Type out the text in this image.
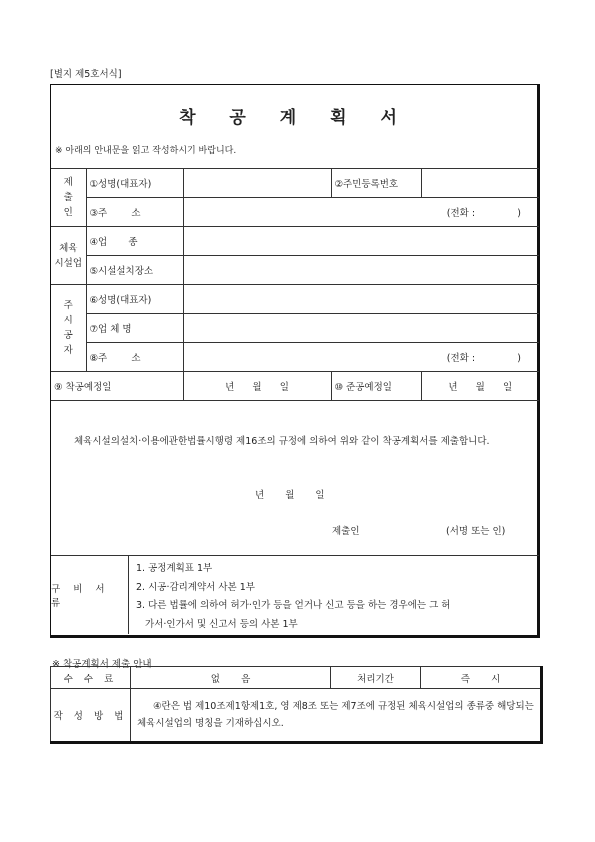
[별지 제5호서식]
착 공 계 획 서
※ 아래의 안내문을 읽고 작성하시기 바랍니다.
제
출
인	①성명(대표자)		②주민등록번호	
	③주        소	(전화 :              )		
체육
시설업	④업       종			
	⑤시설설치장소			
주
시
공
자	⑥성명(대표자)			
	⑦업 체 명			
	⑧주        소	(전화 :              )		
⑨ 착공예정일		년      월      일	⑩ 준공예정일	년      월      일
체육시설의설치·이용에관한법률시행령 제16조의 규정에 의하여 위와 같이 착공계획서를 제출합니다.
년 월 일
제출인	(서명 또는 인)
구 비 서 류
1. 공정계획표 1부
2. 시공·감리계약서 사본 1부
3. 다른 법률에 의하여 허가·인가 등을 얻거나 신고 등을 하는 경우에는 그 허
가서·인가서 및 신고서 등의 사본 1부
※ 착공계획서 제출 안내
수 수 료	없       음	처리기간	즉       시
작 성 방 법	④란은 법 제10조제1항제1호, 영 제8조 또는 제7조에 규정된 체육시설업의 종류중 해당되는 체육시설업의 명칭을 기재하십시오.		
